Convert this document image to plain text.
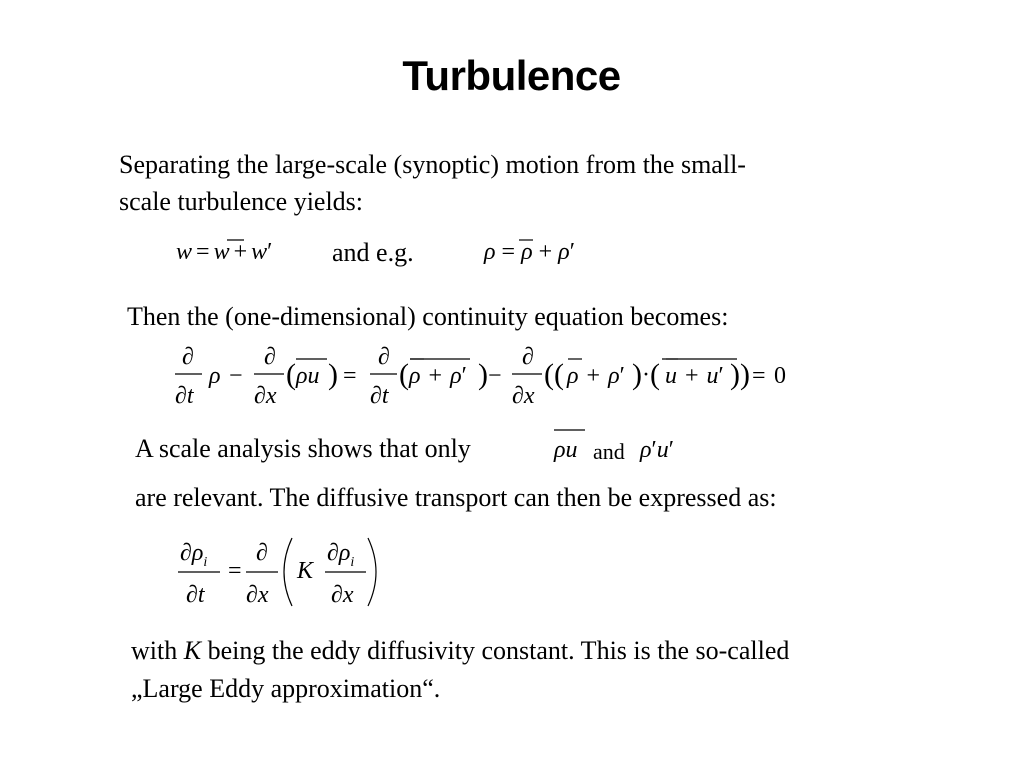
Turbulence
Separating the large-scale (synoptic) motion from the small-
scale turbulence yields:
w = w + w′ and e.g.	ρ = ρ + ρ′
Then the (one-dimensional) continuity equation becomes:
∂
∂t
ρ −
∂
∂x
( ρu ) =
∂
∂t
( ρ + ρ′ ) −
∂
∂x
(( ρ + ρ′ ) · ( u + u′ )) = 0
A scale analysis shows that only	ρu and ρ′u′
are relevant. The diffusive transport can then be expressed as:
$\partial\rho_i$
∂t
=
∂
∂x
K
$\partial\rho_i$
∂x
with K being the eddy diffusivity constant. This is the so-called
„Large Eddy approximation“.
